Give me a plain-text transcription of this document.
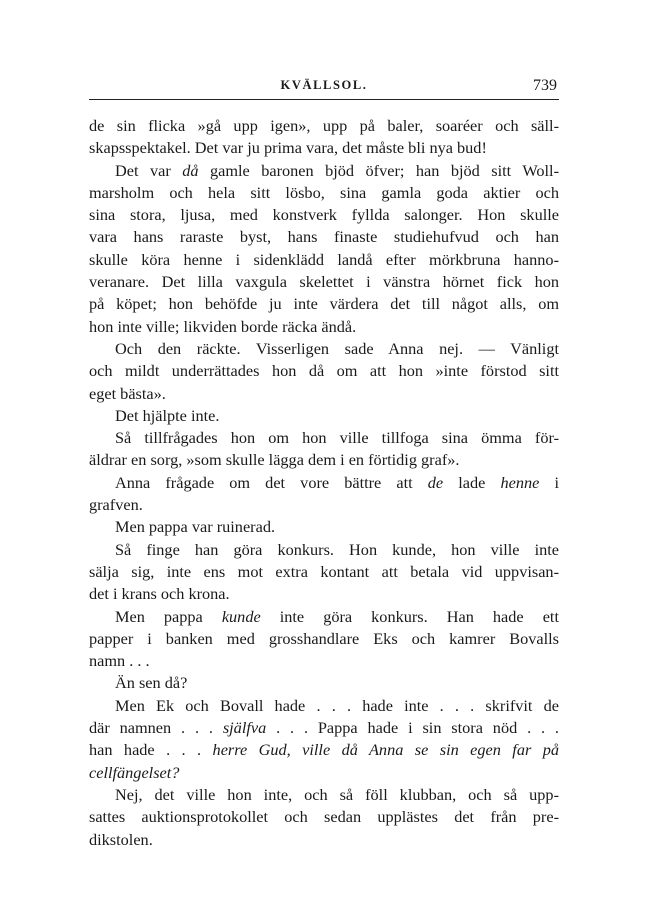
KVÄLLSOL.	739
de sin flicka »gå upp igen», upp på baler, soaréer och säll-
skapsspektakel. Det var ju prima vara, det måste bli nya bud!
Det var då gamle baronen bjöd öfver; han bjöd sitt Woll-
marsholm och hela sitt lösbo, sina gamla goda aktier och
sina stora, ljusa, med konstverk fyllda salonger. Hon skulle
vara hans raraste byst, hans finaste studiehufvud och han
skulle köra henne i sidenklädd landå efter mörkbruna hanno-
veranare. Det lilla vaxgula skelettet i vänstra hörnet fick hon
på köpet; hon behöfde ju inte värdera det till något alls, om
hon inte ville; likviden borde räcka ändå.
Och den räckte. Visserligen sade Anna nej. — Vänligt
och mildt underrättades hon då om att hon »inte förstod sitt
eget bästa».
Det hjälpte inte.
Så tillfrågades hon om hon ville tillfoga sina ömma för-
äldrar en sorg, »som skulle lägga dem i en förtidig graf».
Anna frågade om det vore bättre att de lade henne i
grafven.
Men pappa var ruinerad.
Så finge han göra konkurs. Hon kunde, hon ville inte
sälja sig, inte ens mot extra kontant att betala vid uppvisan-
det i krans och krona.
Men pappa kunde inte göra konkurs. Han hade ett
papper i banken med grosshandlare Eks och kamrer Bovalls
namn . . .
Än sen då?
Men Ek och Bovall hade . . . hade inte . . . skrifvit de
där namnen . . . själfva . . . Pappa hade i sin stora nöd . . .
han hade . . . herre Gud, ville då Anna se sin egen far på
cellfängelset?
Nej, det ville hon inte, och så föll klubban, och så upp-
sattes auktionsprotokollet och sedan upplästes det från pre-
dikstolen.
